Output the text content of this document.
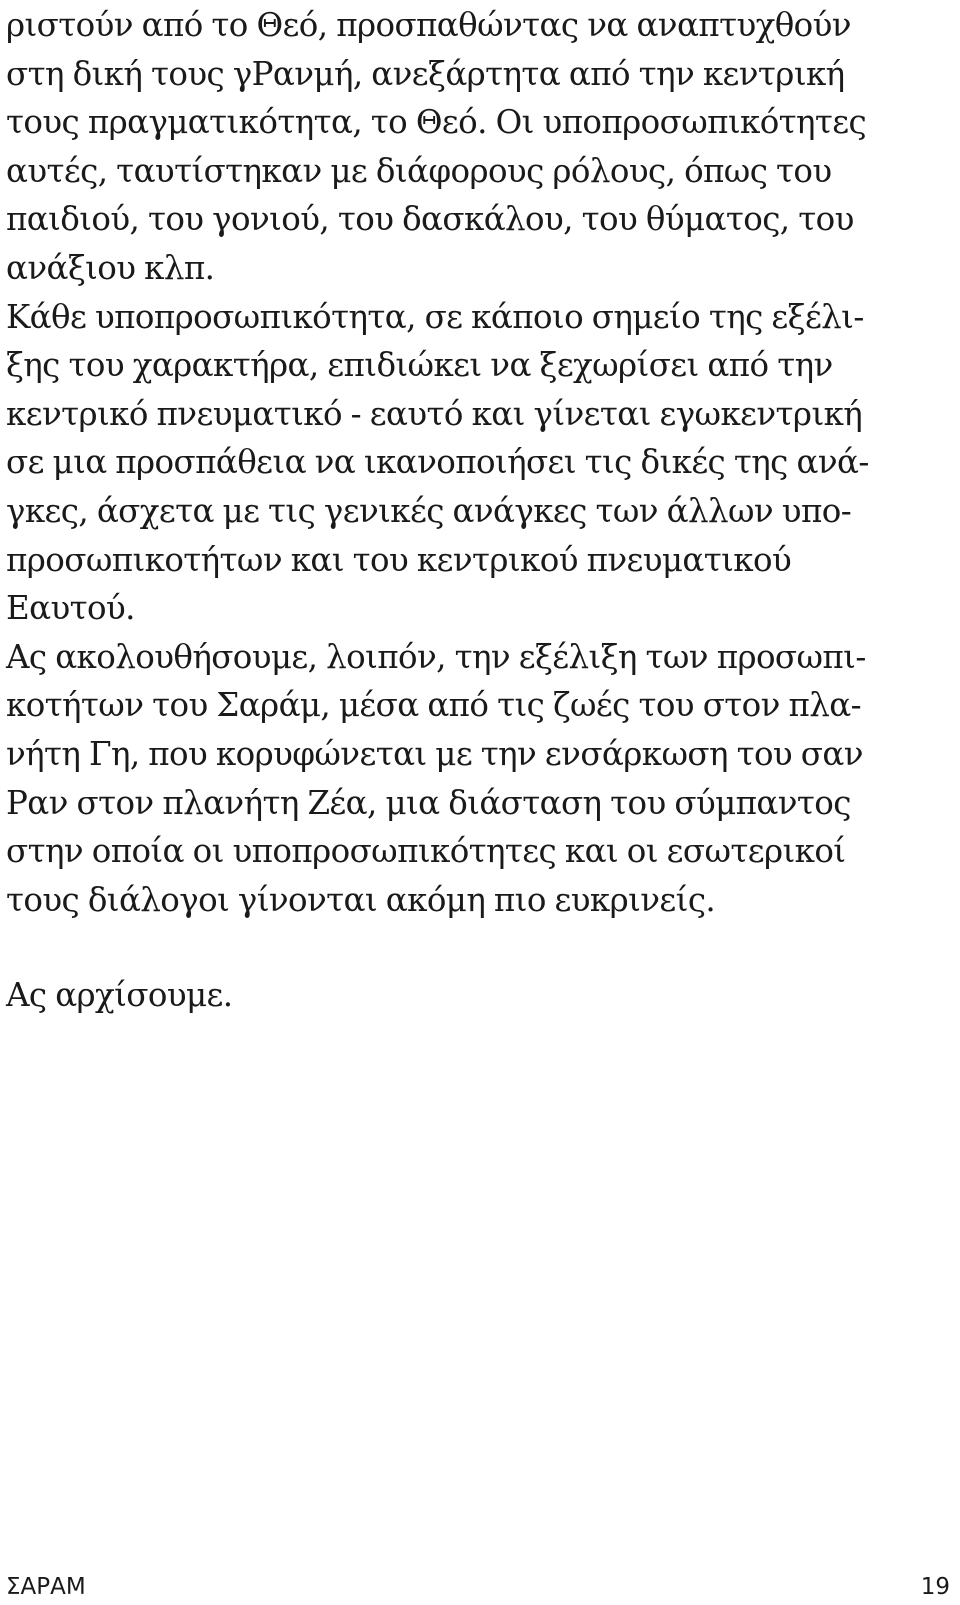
ριστούν από το Θεό, προσπαθώντας να αναπτυχθούν
στη δική τους γΡανμή, ανεξάρτητα από την κεντρική
τους πραγματικότητα, το Θεό. Οι υποπροσωπικότητες
αυτές, ταυτίστηκαν με διάφορους ρόλους, όπως του
παιδιού, του γονιού, του δασκάλου, του θύματος, του
ανάξιου κλπ.
Κάθε υποπροσωπικότητα, σε κάποιο σημείο της εξέλι-
ξης του χαρακτήρα, επιδιώκει να ξεχωρίσει από την
κεντρικό πνευματικό - εαυτό και γίνεται εγωκεντρική
σε μια προσπάθεια να ικανοποιήσει τις δικές της ανά-
γκες, άσχετα με τις γενικές ανάγκες των άλλων υπο-
προσωπικοτήτων και του κεντρικού πνευματικού
Εαυτού.
Ας ακολουθήσουμε, λοιπόν, την εξέλιξη των προσωπι-
κοτήτων του Σαράμ, μέσα από τις ζωές του στον πλα-
νήτη Γη, που κορυφώνεται με την ενσάρκωση του σαν
Ραν στον πλανήτη Ζέα, μια διάσταση του σύμπαντος
στην οποία οι υποπροσωπικότητες και οι εσωτερικοί
τους διάλογοι γίνονται ακόμη πιο ευκρινείς.
Ας αρχίσουμε.
ΣΑΡΑΜ	19
